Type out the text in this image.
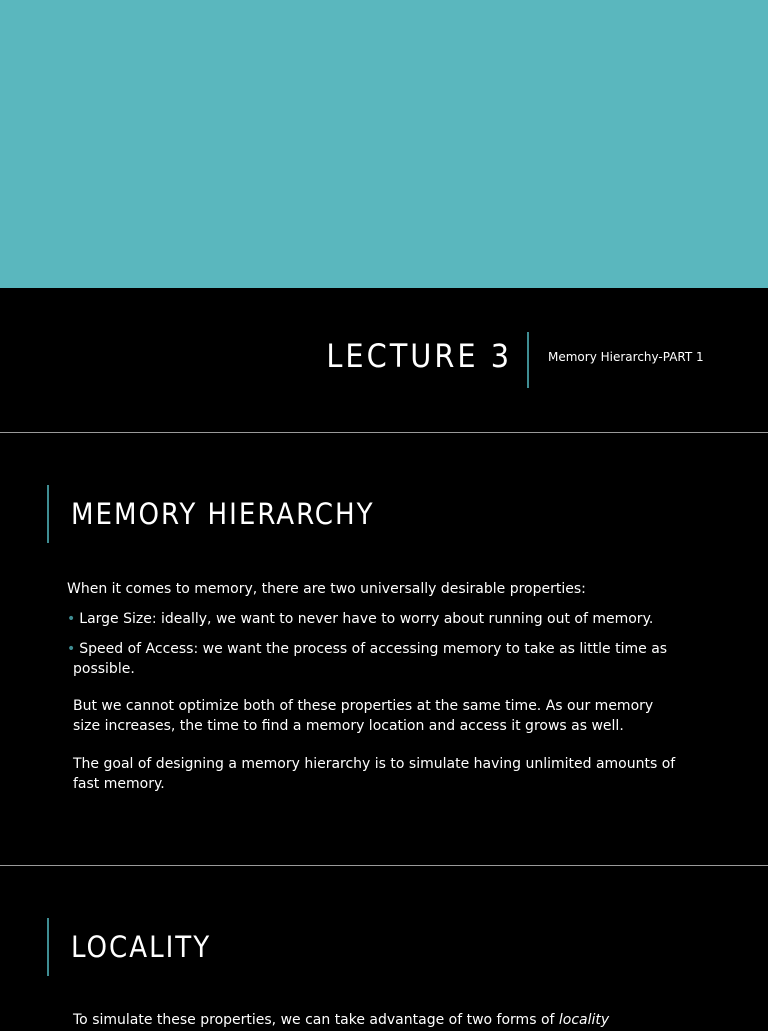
LECTURE 3	Memory Hierarchy-PART 1
MEMORY HIERARCHY
When it comes to memory, there are two universally desirable properties:
• Large Size: ideally, we want to never have to worry about running out of memory.
• Speed of Access: we want the process of accessing memory to take as little time as
possible.
But we cannot optimize both of these properties at the same time. As our memory size increases, the time to find a memory location and access it grows as well.
The goal of designing a memory hierarchy is to simulate having unlimited amounts of fast memory.
LOCALITY
To simulate these properties, we can take advantage of two forms of locality
